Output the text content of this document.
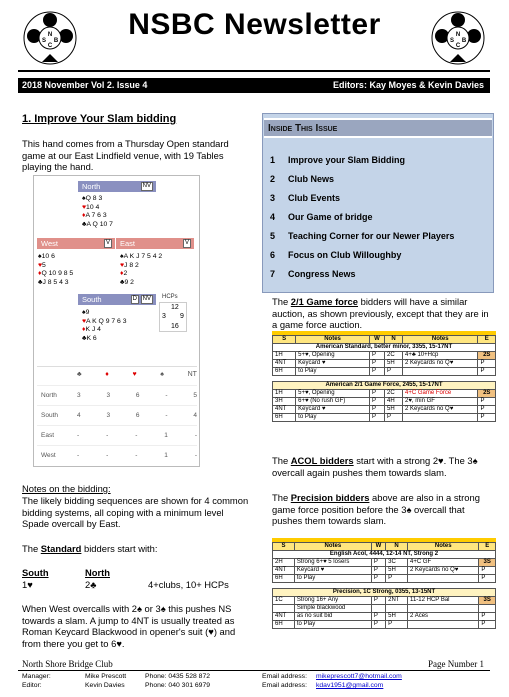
N
S B
C
N
S B
C
NSBC Newsletter
2018 November Vol 2. Issue 4	Editors: Kay Moyes & Kevin Davies
1. Improve Your Slam bidding
This hand comes from a Thursday Open standard game at our East Lindfield venue, with 19 Tables playing the hand.
North	NV
♠Q 8 3
♥10 4
♦A 7 6 3
♣A Q 10 7
West	V
♠10 6
♥5
♦Q 10 9 8 5
♣J 8 5 4 3
East	V
♠A K J 7 5 4 2
♥J 8 2
♦2
♣9 2
South	D NV
♠9
♥A K Q 9 7 6 3
♦K J 4
♣K 6
HCPs
12
3 9
16
♣	♦	♥	♠	NT
North	3	3	6	-	5
South	4	3	6	-	4
East	-	-	-	1	-
West	-	-	-	1	-
Notes on the bidding:
The likely bidding sequences are shown for 4 common bidding systems, all coping with a minimum level Spade overcall by East.
The Standard bidders start with:
South	North
1♥	2♣	4+clubs, 10+ HCPs
When West overcalls with 2♠ or 3♠ this pushes NS towards a slam. A jump to 4NT is usually treated as Roman Keycard Blackwood in opener's suit (♥) and from there you get to 6♥.
Inside This Issue
1 Improve your Slam Bidding
2 Club News
3 Club Events
4 Our Game of bridge
5 Teaching Corner for our Newer Players
6 Focus on Club Willoughby
7 Congress News
The 2/1 Game force bidders will have a similar auction, as shown previously, except that they are in a game force auction.
S	Notes	W	N	Notes	E
American Standard, better minor, 3355, 15-17NT					
1H	5+♥, Opening	P	2C	4+♣ 10+Hcp	2S
4NT	Keycard ♥	P	5H	2 Keycards no Q♥	P
6H	to Play	P	P		P

American 2/1 Game Force, 2455, 15-17NT					
1H	5+♥, Opening	P	2C	4+C Game Force	2S
3H	6+♥ (No rush GF)	P	4H	2♥, min GF	P
4NT	Keycard ♥	P	5H	2 Keycards no Q♥	P
6H	to Play	P	P		P
The ACOL bidders start with a strong 2♥. The 3♠ overcall again pushes them towards slam.
The Precision bidders above are also in a strong game force position before the 3♠ overcall that pushes them towards slam.
S	Notes	W	N	Notes	E
English Acol, 4444, 12-14 NT, Strong 2					
2H	Strong 6+♥ 5 losers	P	3C	4+C GF	3S
4NT	Keycard ♥	P	5H	2 Keycards no Q♥	P
6H	to Play	P	P		P

Precision, 1C Strong, 0355, 13-15NT					
1C	Strong 16+ Any	P	2NT	11-12 HCP Bal	3S
	Simple blackwood				
4NT	as no suit bid	P	5H	2 Aces	P
6H	to Play	P	P		P
North Shore Bridge Club	Page Number 1
Manager:	Mike Prescott	Phone: 0435 528 872	Email address: mikeprescott7@hotmail.com
Editor:	Kevin Davies	Phone: 040 301 6979	Email address: kdav1951@gmail.com
